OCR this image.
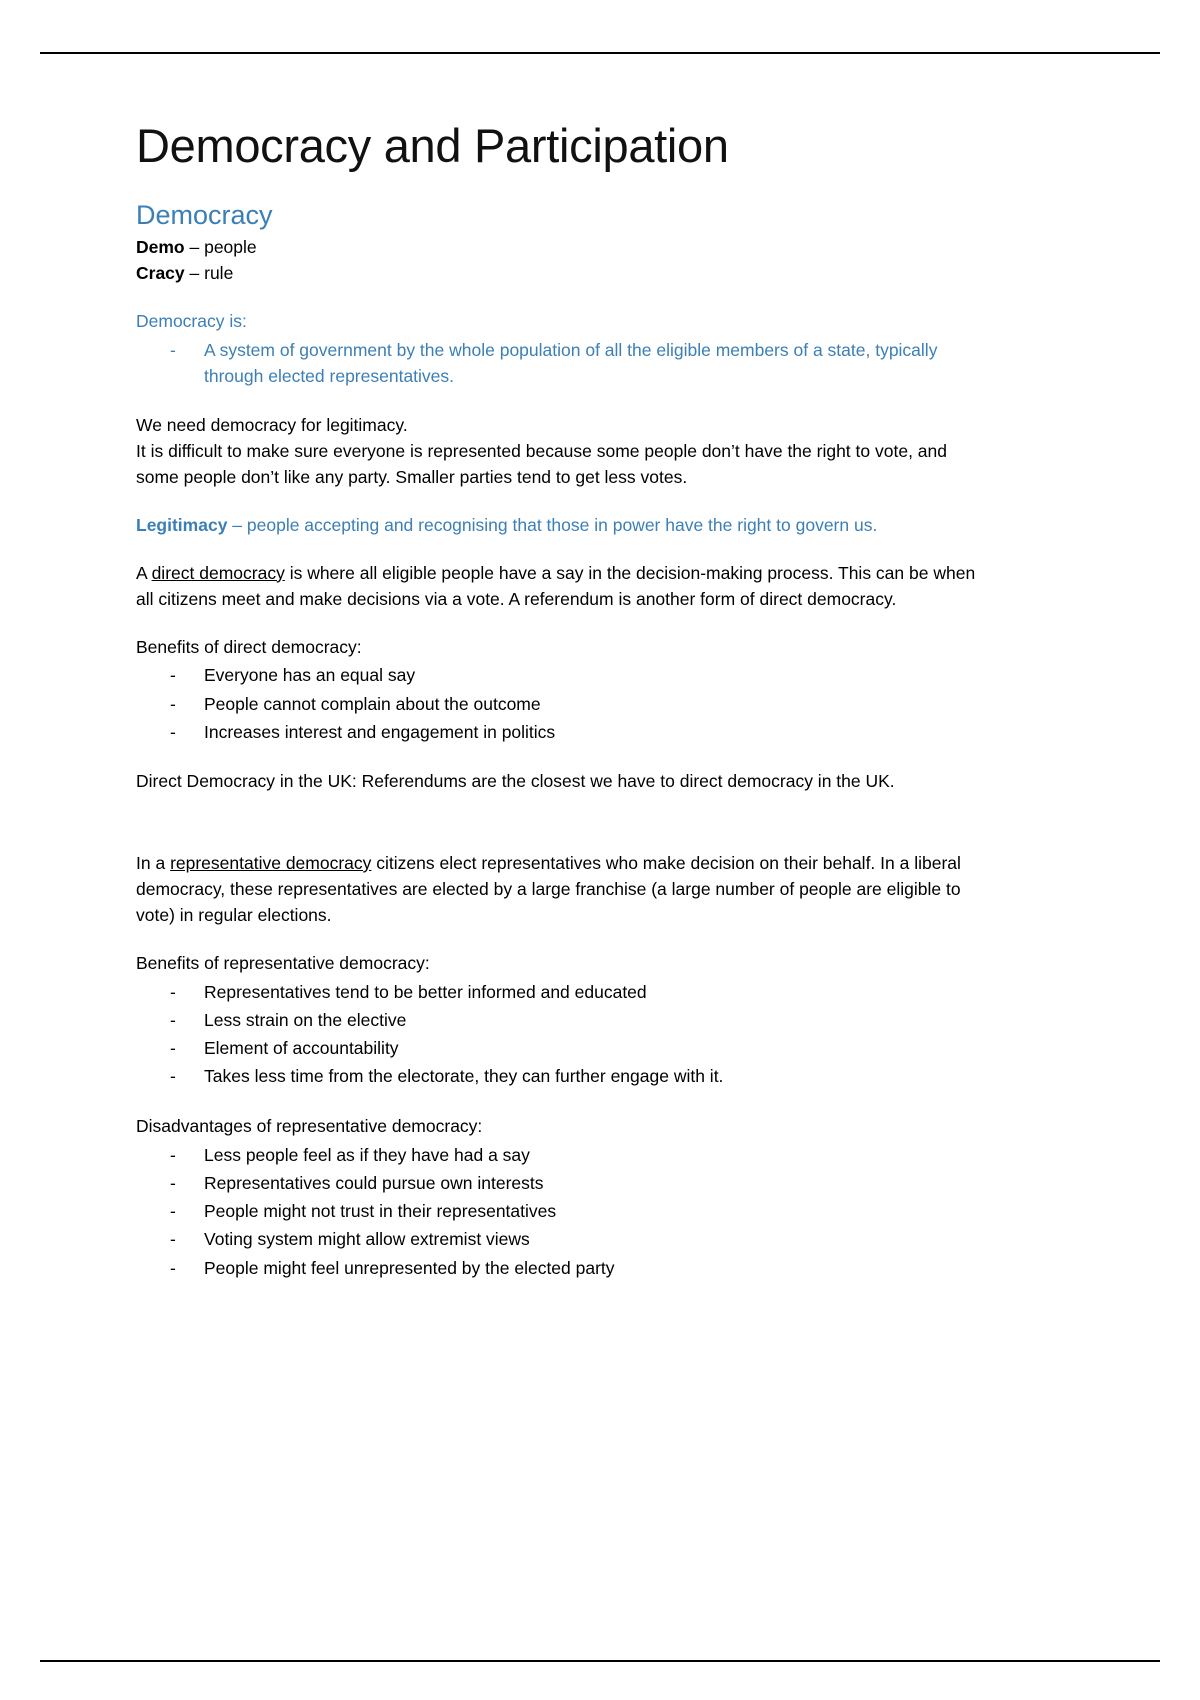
Democracy and Participation
Democracy

Demo – people

Cracy – rule

Democracy is:

- A system of government by the whole population of all the eligible members of a state, typically through elected representatives.

We need democracy for legitimacy.

It is difficult to make sure everyone is represented because some people don’t have the right to vote, and some people don’t like any party. Smaller parties tend to get less votes.

Legitimacy – people accepting and recognising that those in power have the right to govern us.

A direct democracy is where all eligible people have a say in the decision-making process. This can be when all citizens meet and make decisions via a vote. A referendum is another form of direct democracy.

Benefits of direct democracy:

- Everyone has an equal say
- People cannot complain about the outcome
- Increases interest and engagement in politics

Direct Democracy in the UK: Referendums are the closest we have to direct democracy in the UK.

In a representative democracy citizens elect representatives who make decision on their behalf. In a liberal democracy, these representatives are elected by a large franchise (a large number of people are eligible to vote) in regular elections.

Benefits of representative democracy:

- Representatives tend to be better informed and educated
- Less strain on the elective
- Element of accountability
- Takes less time from the electorate, they can further engage with it.

Disadvantages of representative democracy:

- Less people feel as if they have had a say
- Representatives could pursue own interests
- People might not trust in their representatives
- Voting system might allow extremist views
- People might feel unrepresented by the elected party
